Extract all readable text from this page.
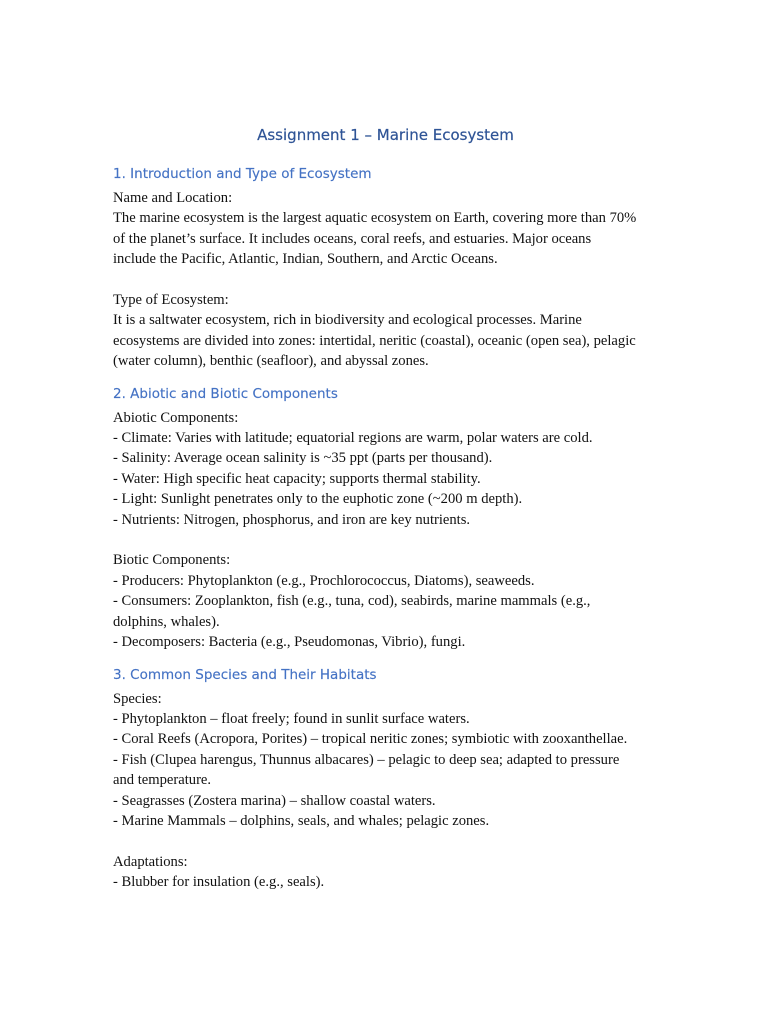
Assignment 1 – Marine Ecosystem
1. Introduction and Type of Ecosystem

Name and Location:

The marine ecosystem is the largest aquatic ecosystem on Earth, covering more than 70%

of the planet’s surface. It includes oceans, coral reefs, and estuaries. Major oceans

include the Pacific, Atlantic, Indian, Southern, and Arctic Oceans.

Type of Ecosystem:

It is a saltwater ecosystem, rich in biodiversity and ecological processes. Marine

ecosystems are divided into zones: intertidal, neritic (coastal), oceanic (open sea), pelagic

(water column), benthic (seafloor), and abyssal zones.

2. Abiotic and Biotic Components

Abiotic Components:

- Climate: Varies with latitude; equatorial regions are warm, polar waters are cold.

- Salinity: Average ocean salinity is ~35 ppt (parts per thousand).

- Water: High specific heat capacity; supports thermal stability.

- Light: Sunlight penetrates only to the euphotic zone (~200 m depth).

- Nutrients: Nitrogen, phosphorus, and iron are key nutrients.

Biotic Components:

- Producers: Phytoplankton (e.g., Prochlorococcus, Diatoms), seaweeds.

- Consumers: Zooplankton, fish (e.g., tuna, cod), seabirds, marine mammals (e.g.,

dolphins, whales).

- Decomposers: Bacteria (e.g., Pseudomonas, Vibrio), fungi.

3. Common Species and Their Habitats

Species:

- Phytoplankton – float freely; found in sunlit surface waters.

- Coral Reefs (Acropora, Porites) – tropical neritic zones; symbiotic with zooxanthellae.

- Fish (Clupea harengus, Thunnus albacares) – pelagic to deep sea; adapted to pressure

and temperature.

- Seagrasses (Zostera marina) – shallow coastal waters.

- Marine Mammals – dolphins, seals, and whales; pelagic zones.

Adaptations:

- Blubber for insulation (e.g., seals).
